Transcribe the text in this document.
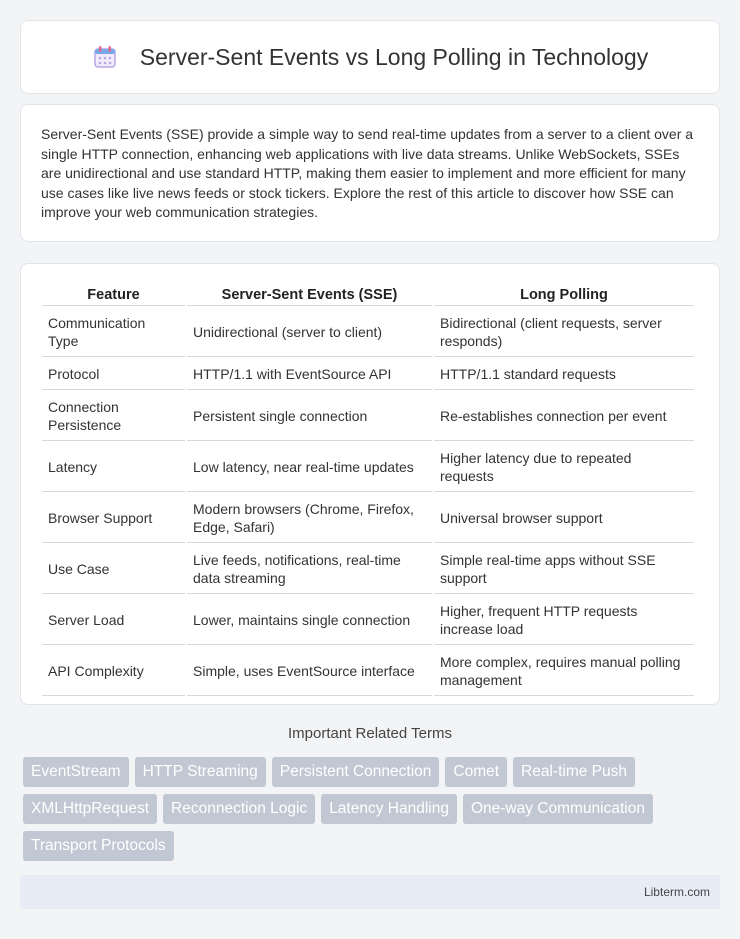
Server-Sent Events vs Long Polling in Technology

Server-Sent Events (SSE) provide a simple way to send real-time updates from a server to a client over a single HTTP connection, enhancing web applications with live data streams. Unlike WebSockets, SSEs are unidirectional and use standard HTTP, making them easier to implement and more efficient for many use cases like live news feeds or stock tickers. Explore the rest of this article to discover how SSE can improve your web communication strategies.

Feature	Server-Sent Events (SSE)	Long Polling
Communication Type	Unidirectional (server to client)	Bidirectional (client requests, server responds)
Protocol	HTTP/1.1 with EventSource API	HTTP/1.1 standard requests
Connection Persistence	Persistent single connection	Re-establishes connection per event
Latency	Low latency, near real-time updates	Higher latency due to repeated requests
Browser Support	Modern browsers (Chrome, Firefox, Edge, Safari)	Universal browser support
Use Case	Live feeds, notifications, real-time data streaming	Simple real-time apps without SSE support
Server Load	Lower, maintains single connection	Higher, frequent HTTP requests increase load
API Complexity	Simple, uses EventSource interface	More complex, requires manual polling management
Important Related Terms
EventStream	HTTP Streaming	Persistent Connection	Comet	Real-time Push
XMLHttpRequest	Reconnection Logic	Latency Handling	One-way Communication
Transport Protocols
Libterm.com
